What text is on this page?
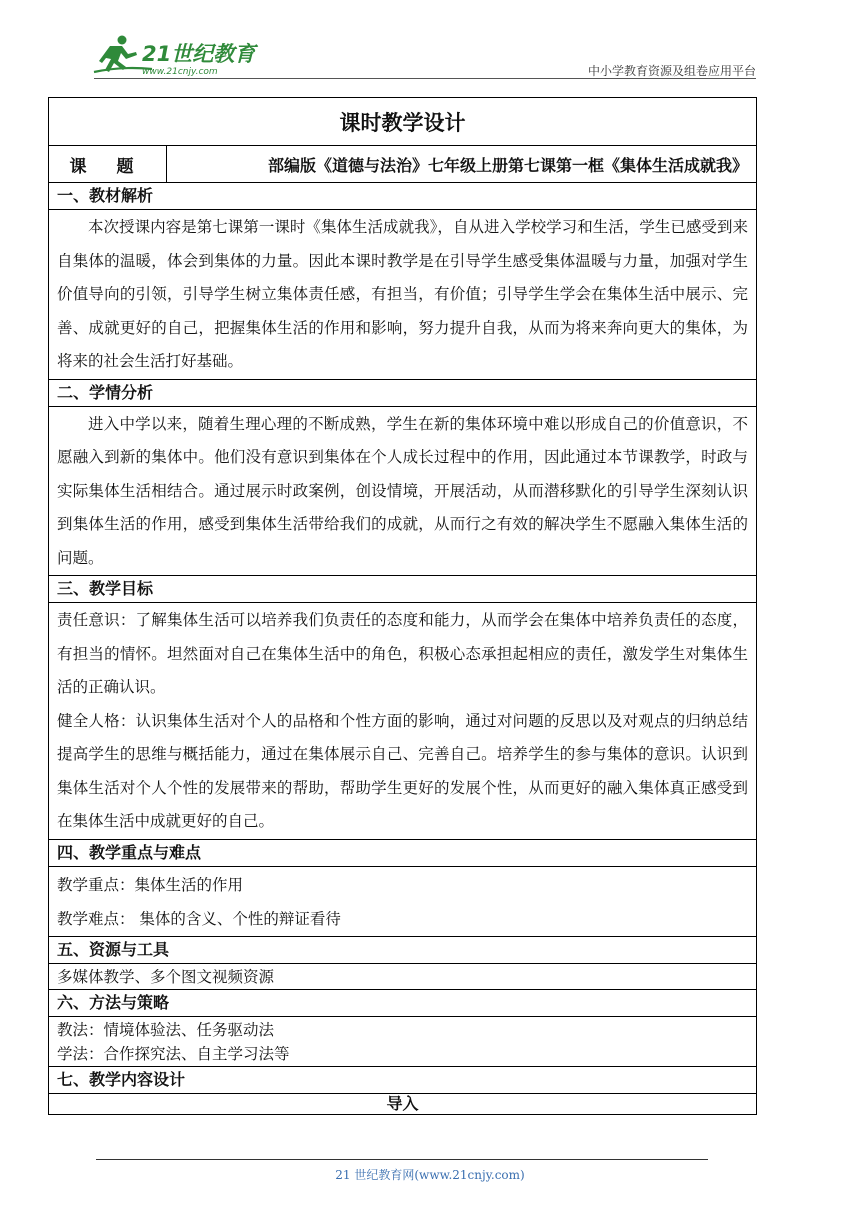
21世纪教育
www.21cnjy.com	中小学教育资源及组卷应用平台
课时教学设计
课 题	部编版《道德与法治》七年级上册第七课第一框《集体生活成就我》
一、教材解析

本次授课内容是第七课第一课时《集体生活成就我》，自从进入学校学习和生活，学生已感受到来自集体的温暖，体会到集体的力量。因此本课时教学是在引导学生感受集体温暖与力量，加强对学生价值导向的引领，引导学生树立集体责任感，有担当，有价值；引导学生学会在集体生活中展示、完善、成就更好的自己，把握集体生活的作用和影响，努力提升自我，从而为将来奔向更大的集体，为将来的社会生活打好基础。

二、学情分析

进入中学以来，随着生理心理的不断成熟，学生在新的集体环境中难以形成自己的价值意识，不愿融入到新的集体中。他们没有意识到集体在个人成长过程中的作用，因此通过本节课教学，时政与实际集体生活相结合。通过展示时政案例，创设情境，开展活动，从而潜移默化的引导学生深刻认识到集体生活的作用，感受到集体生活带给我们的成就，从而行之有效的解决学生不愿融入集体生活的问题。

三、教学目标

责任意识：了解集体生活可以培养我们负责任的态度和能力，从而学会在集体中培养负责任的态度，有担当的情怀。坦然面对自己在集体生活中的角色，积极心态承担起相应的责任，激发学生对集体生活的正确认识。
健全人格：认识集体生活对个人的品格和个性方面的影响，通过对问题的反思以及对观点的归纳总结提高学生的思维与概括能力，通过在集体展示自己、完善自己。培养学生的参与集体的意识。认识到集体生活对个人个性的发展带来的帮助，帮助学生更好的发展个性，从而更好的融入集体真正感受到在集体生活中成就更好的自己。

四、教学重点与难点

教学重点：集体生活的作用
教学难点： 集体的含义、个性的辩证看待

五、资源与工具

多媒体教学、多个图文视频资源

六、方法与策略

教法：情境体验法、任务驱动法
学法：合作探究法、自主学习法等

七、教学内容设计
导入
21 世纪教育网(www.21cnjy.com)
